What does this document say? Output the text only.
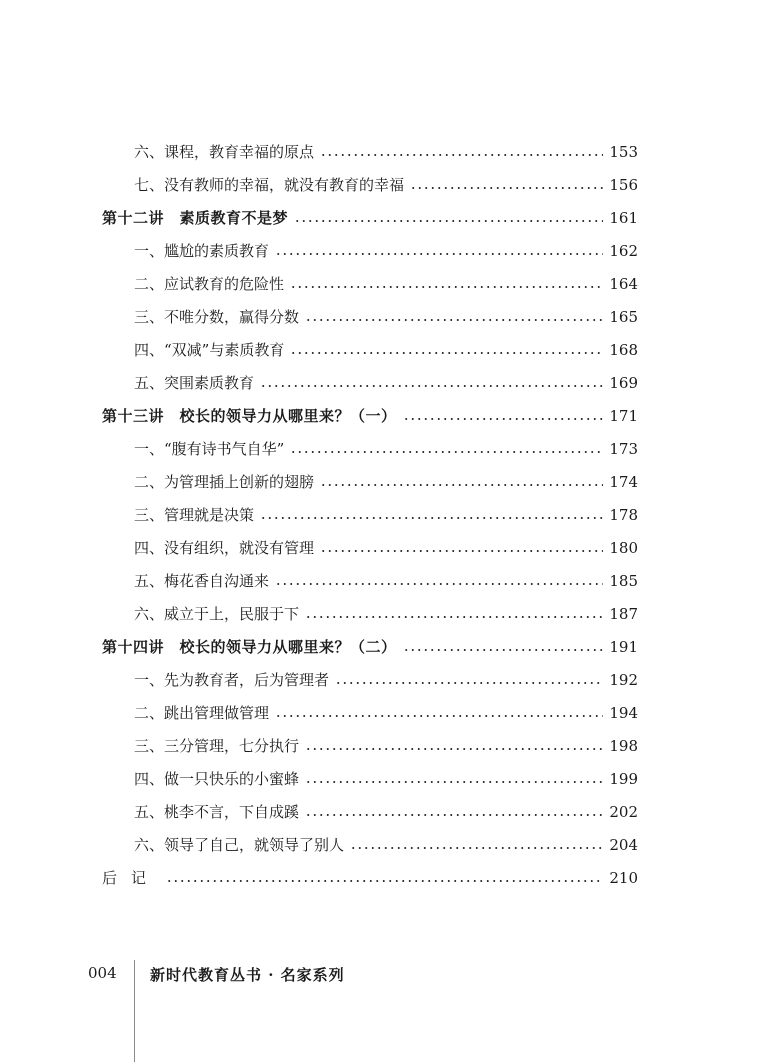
六、课程，教育幸福的原点	153
七、没有教师的幸福，就没有教育的幸福	156
第十二讲　素质教育不是梦	161
一、尴尬的素质教育	162
二、应试教育的危险性	164
三、不唯分数，赢得分数	165
四、“双减”与素质教育	168
五、突围素质教育	169
第十三讲　校长的领导力从哪里来？（一）	171
一、“腹有诗书气自华”	173
二、为管理插上创新的翅膀	174
三、管理就是决策	178
四、没有组织，就没有管理	180
五、梅花香自沟通来	185
六、威立于上，民服于下	187
第十四讲　校长的领导力从哪里来？（二）	191
一、先为教育者，后为管理者	192
二、跳出管理做管理	194
三、三分管理，七分执行	198
四、做一只快乐的小蜜蜂	199
五、桃李不言，下自成蹊	202
六、领导了自己，就领导了别人	204
后记	210
004 新时代教育丛书 · 名家系列
